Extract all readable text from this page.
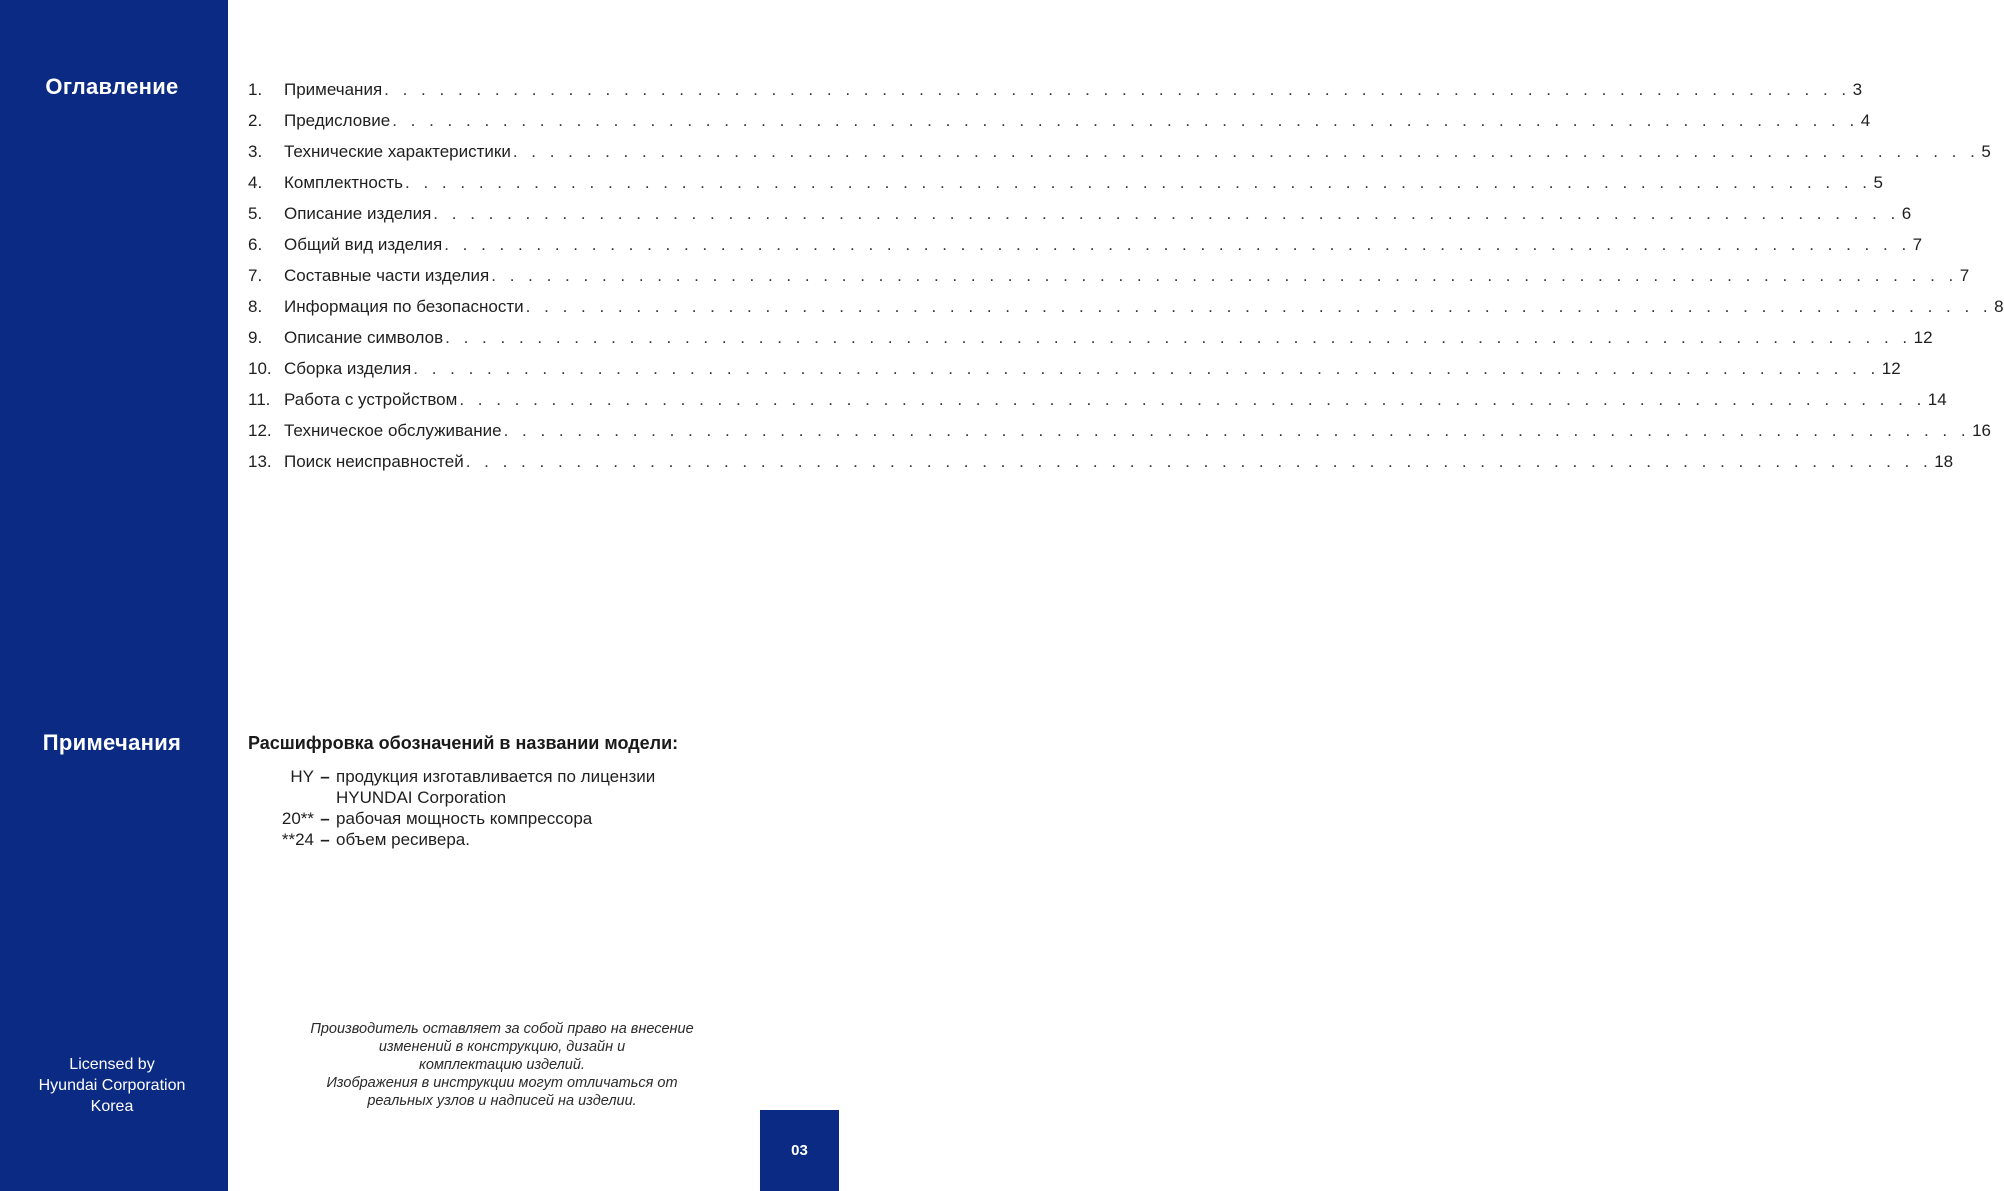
Оглавление
Примечания
Licensed by
Hyundai Corporation
Korea
1.	Примечания . . . . . . . . . . . . . . . . . . . . . . . . . . . . . . . . . . . . . . . . . . . . . . . . . . . . . . . . . . . . . . . . . . . . . . . . . . . . . . . . 3
2.	Предисловие . . . . . . . . . . . . . . . . . . . . . . . . . . . . . . . . . . . . . . . . . . . . . . . . . . . . . . . . . . . . . . . . . . . . . . . . . . . . . . . . 4
3.	Технические характеристики . . . . . . . . . . . . . . . . . . . . . . . . . . . . . . . . . . . . . . . . . . . . . . . . . . . . . . . . . . . . . . . . . . . . . . . . . . . . . . . . 5
4.	Комплектность . . . . . . . . . . . . . . . . . . . . . . . . . . . . . . . . . . . . . . . . . . . . . . . . . . . . . . . . . . . . . . . . . . . . . . . . . . . . . . . . 5
5.	Описание изделия . . . . . . . . . . . . . . . . . . . . . . . . . . . . . . . . . . . . . . . . . . . . . . . . . . . . . . . . . . . . . . . . . . . . . . . . . . . . . . . . 6
6.	Общий вид изделия . . . . . . . . . . . . . . . . . . . . . . . . . . . . . . . . . . . . . . . . . . . . . . . . . . . . . . . . . . . . . . . . . . . . . . . . . . . . . . . . 7
7.	Составные части изделия . . . . . . . . . . . . . . . . . . . . . . . . . . . . . . . . . . . . . . . . . . . . . . . . . . . . . . . . . . . . . . . . . . . . . . . . . . . . . . . . 7
8.	Информация по безопасности . . . . . . . . . . . . . . . . . . . . . . . . . . . . . . . . . . . . . . . . . . . . . . . . . . . . . . . . . . . . . . . . . . . . . . . . . . . . . . . . 8
9.	Описание символов . . . . . . . . . . . . . . . . . . . . . . . . . . . . . . . . . . . . . . . . . . . . . . . . . . . . . . . . . . . . . . . . . . . . . . . . . . . . . . . . 12
10. Сборка изделия . . . . . . . . . . . . . . . . . . . . . . . . . . . . . . . . . . . . . . . . . . . . . . . . . . . . . . . . . . . . . . . . . . . . . . . . . . . . . . . . 12
11. Работа с устройством . . . . . . . . . . . . . . . . . . . . . . . . . . . . . . . . . . . . . . . . . . . . . . . . . . . . . . . . . . . . . . . . . . . . . . . . . . . . . . . . 14
12. Техническое обслуживание . . . . . . . . . . . . . . . . . . . . . . . . . . . . . . . . . . . . . . . . . . . . . . . . . . . . . . . . . . . . . . . . . . . . . . . . . . . . . . . . 16
13. Поиск неисправностей . . . . . . . . . . . . . . . . . . . . . . . . . . . . . . . . . . . . . . . . . . . . . . . . . . . . . . . . . . . . . . . . . . . . . . . . . . . . . . . . 18
Расшифровка обозначений в названии модели:
HY – продукция изготавливается по лицензии
HYUNDAI Corporation
20** – рабочая мощность компрессора
**24 – объем ресивера.
Производитель оставляет за собой право на внесение
изменений в конструкцию, дизайн и
комплектацию изделий.
Изображения в инструкции могут отличаться от
реальных узлов и надписей на изделии.
03
